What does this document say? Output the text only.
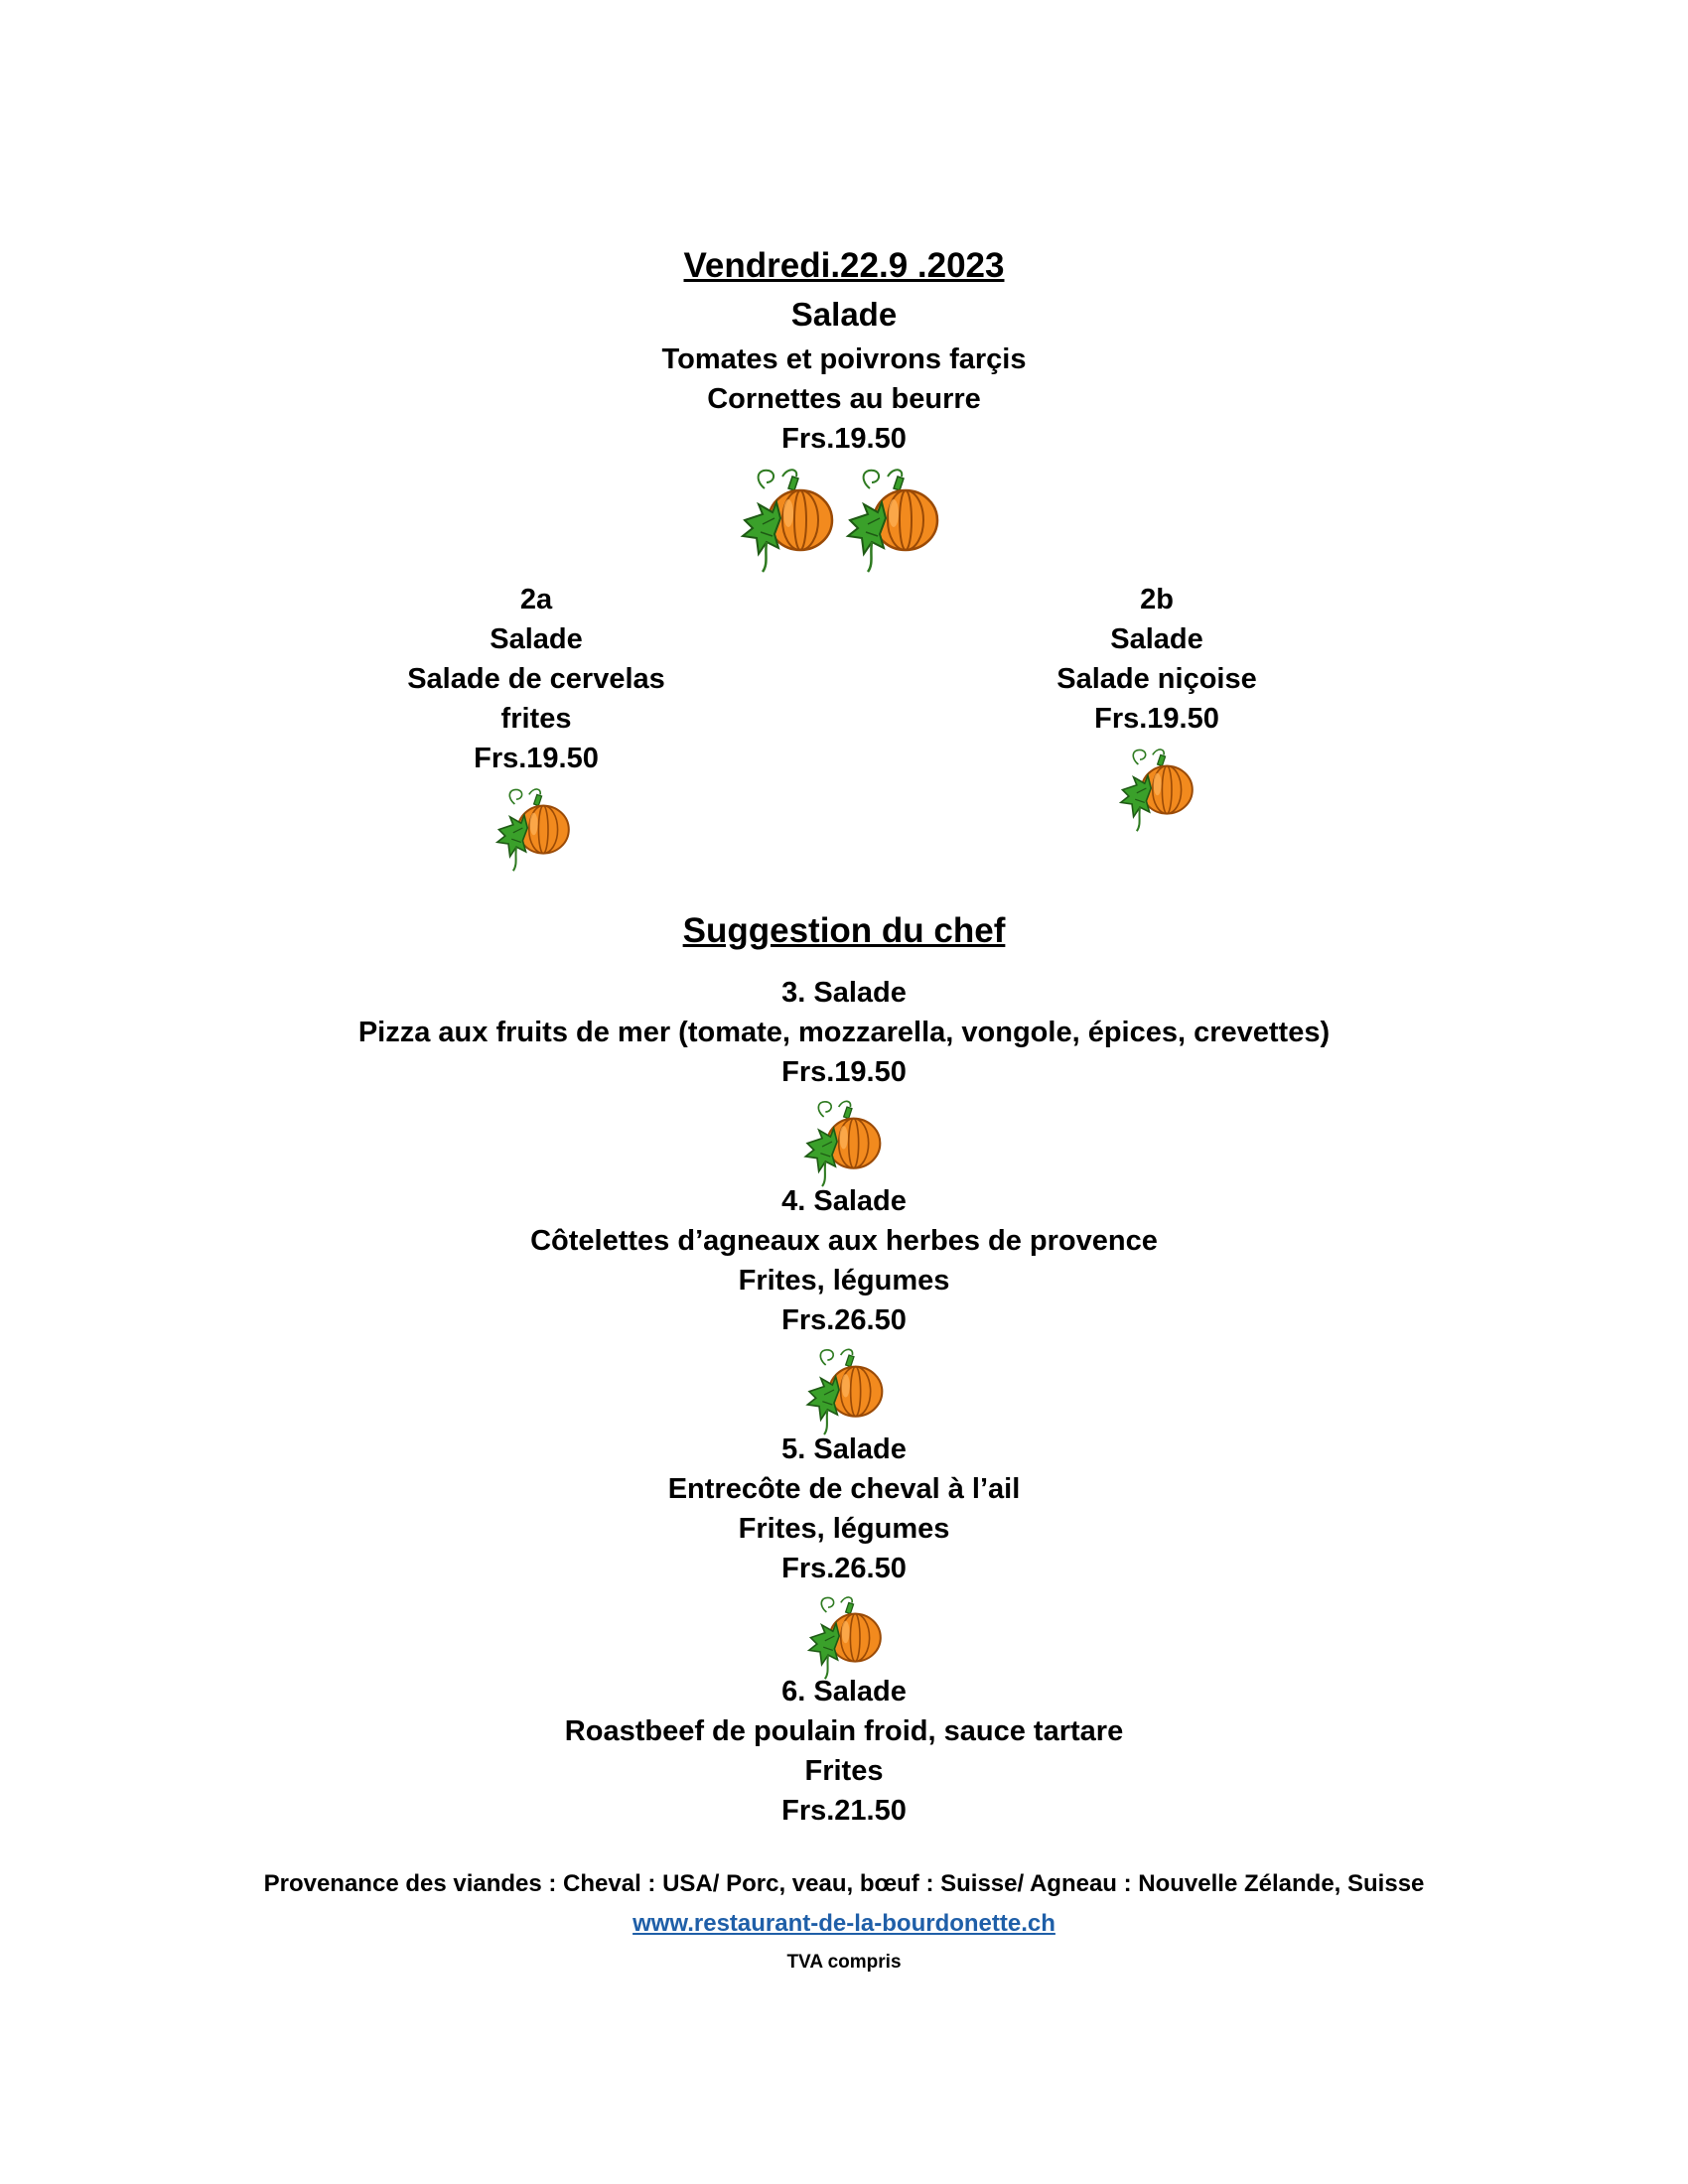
Vendredi.22.9 .2023
Salade
Tomates et poivrons farçis
Cornettes au beurre
Frs.19.50
2a
Salade
Salade de cervelas
frites
Frs.19.50
2b
Salade
Salade niçoise
Frs.19.50
Suggestion du chef
3. Salade
Pizza aux fruits de mer (tomate, mozzarella, vongole, épices, crevettes)
Frs.19.50
4. Salade
Côtelettes d’agneaux aux herbes de provence
Frites, légumes
Frs.26.50
5. Salade
Entrecôte de cheval à l’ail
Frites, légumes
Frs.26.50
6. Salade
Roastbeef de poulain froid, sauce tartare
Frites
Frs.21.50
Provenance des viandes : Cheval : USA/ Porc, veau, bœuf : Suisse/ Agneau : Nouvelle Zélande, Suisse
www.restaurant-de-la-bourdonette.ch
TVA compris
